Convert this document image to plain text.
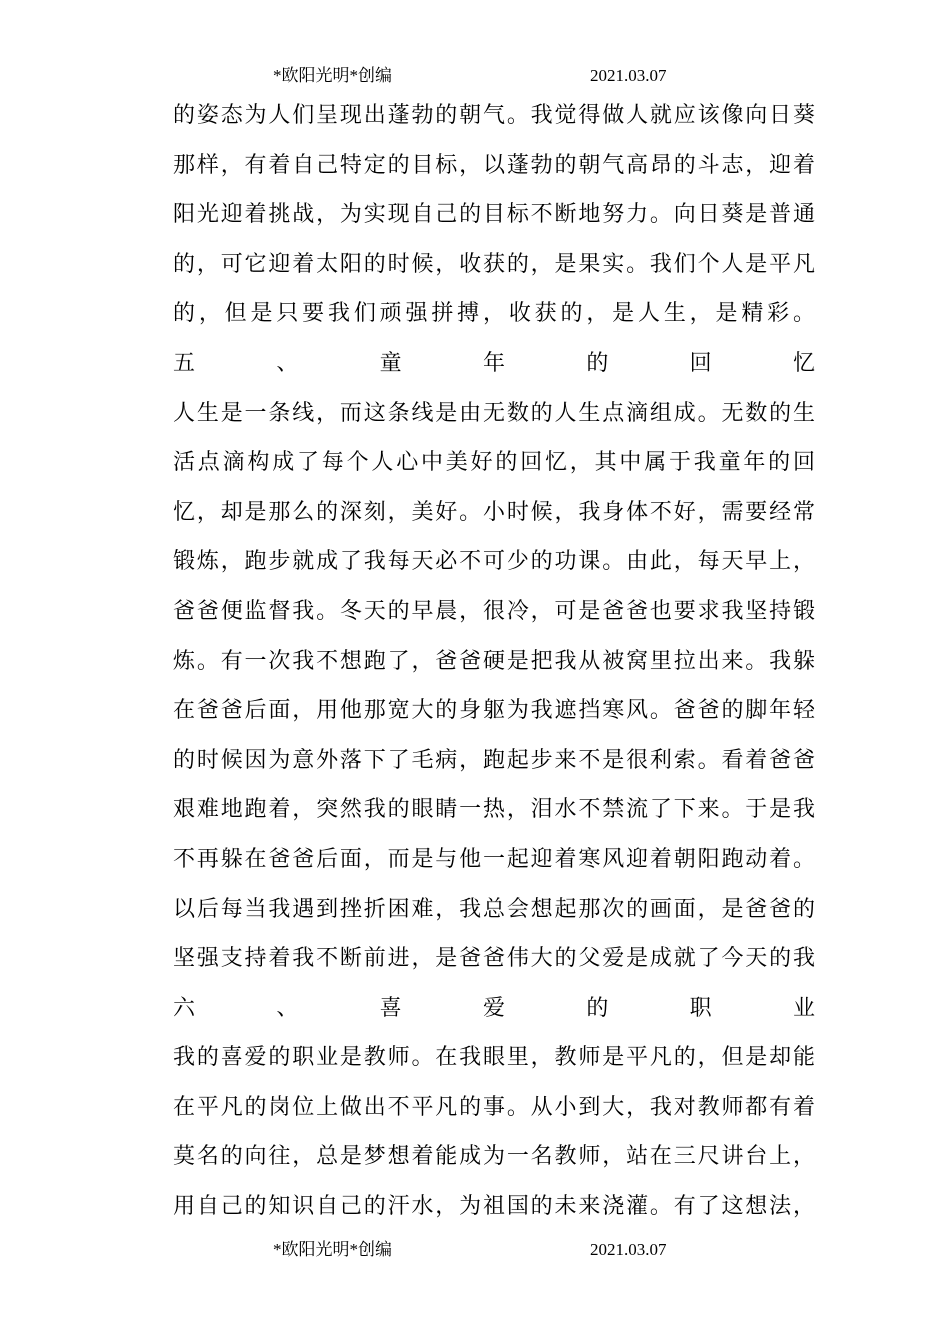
*欧阳光明*创编	2021.03.07
的姿态为人们呈现出蓬勃的朝气。我觉得做人就应该像向日葵
那样，有着自己特定的目标，以蓬勃的朝气高昂的斗志，迎着
阳光迎着挑战，为实现自己的目标不断地努力。向日葵是普通
的，可它迎着太阳的时候，收获的，是果实。我们个人是平凡
的，但是只要我们顽强拼搏，收获的，是人生，是精彩。
五	、	童	年	的	回	忆
人生是一条线，而这条线是由无数的人生点滴组成。无数的生
活点滴构成了每个人心中美好的回忆，其中属于我童年的回
忆，却是那么的深刻，美好。小时候，我身体不好，需要经常
锻炼，跑步就成了我每天必不可少的功课。由此，每天早上，
爸爸便监督我。冬天的早晨，很冷，可是爸爸也要求我坚持锻
炼。有一次我不想跑了，爸爸硬是把我从被窝里拉出来。我躲
在爸爸后面，用他那宽大的身躯为我遮挡寒风。爸爸的脚年轻
的时候因为意外落下了毛病，跑起步来不是很利索。看着爸爸
艰难地跑着，突然我的眼睛一热，泪水不禁流了下来。于是我
不再躲在爸爸后面，而是与他一起迎着寒风迎着朝阳跑动着。
以后每当我遇到挫折困难，我总会想起那次的画面，是爸爸的
坚强支持着我不断前进，是爸爸伟大的父爱是成就了今天的我
六	、	喜	爱	的	职	业
我的喜爱的职业是教师。在我眼里，教师是平凡的，但是却能
在平凡的岗位上做出不平凡的事。从小到大，我对教师都有着
莫名的向往，总是梦想着能成为一名教师，站在三尺讲台上，
用自己的知识自己的汗水，为祖国的未来浇灌。有了这想法，
*欧阳光明*创编	2021.03.07
